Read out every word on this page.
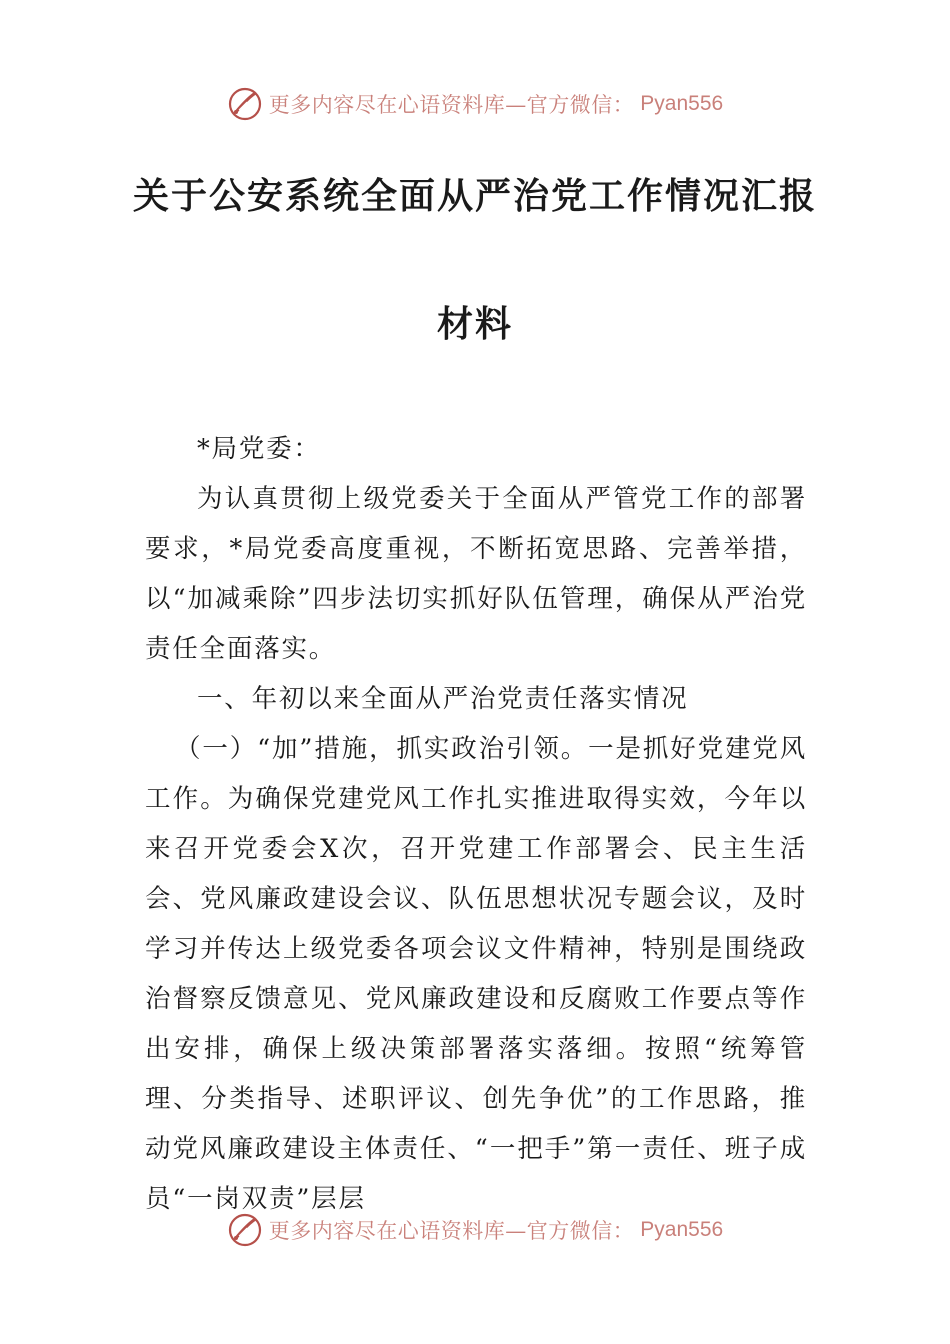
更多内容尽在心语资料库—官方微信： Pyan556
关于公安系统全面从严治党工作情况汇报
材料

*局党委：

为认真贯彻上级党委关于全面从严管党工作的部署要求，*局党委高度重视，不断拓宽思路、完善举措，以“加减乘除”四步法切实抓好队伍管理，确保从严治党责任全面落实。

一、年初以来全面从严治党责任落实情况

（一）“加”措施，抓实政治引领。一是抓好党建党风工作。为确保党建党风工作扎实推进取得实效，今年以来召开党委会X次，召开党建工作部署会、民主生活会、党风廉政建设会议、队伍思想状况专题会议，及时学习并传达上级党委各项会议文件精神，特别是围绕政治督察反馈意见、党风廉政建设和反腐败工作要点等作出安排，确保上级决策部署落实落细。按照“统筹管理、分类指导、述职评议、创先争优”的工作思路，推动党风廉政建设主体责任、“一把手”第一责任、班子成员“一岗双责”层层

更多内容尽在心语资料库—官方微信： Pyan556
